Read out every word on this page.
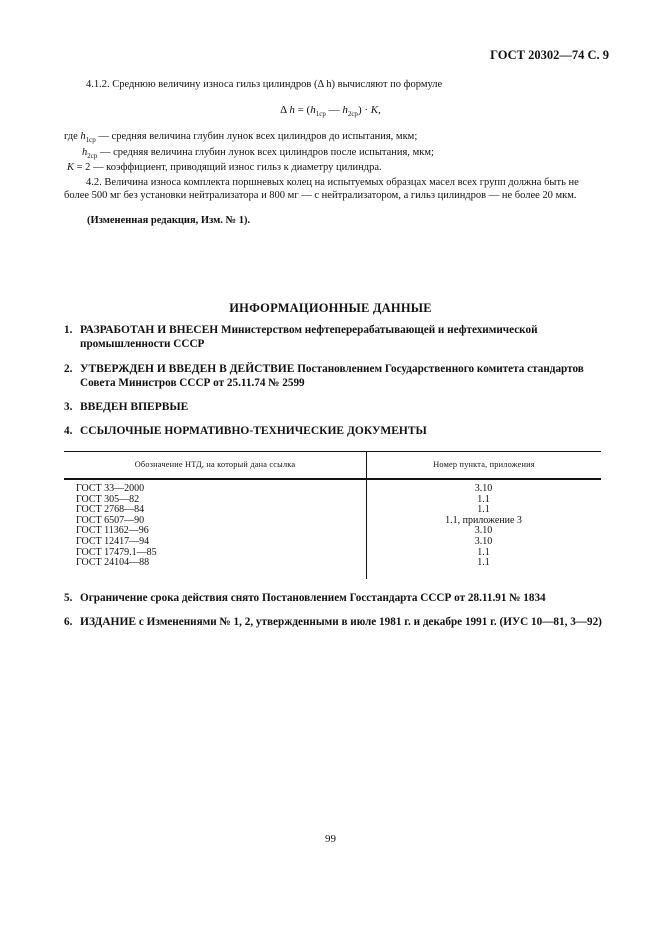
ГОСТ 20302—74 С. 9
4.1.2. Среднюю величину износа гильз цилиндров (Δ h) вычисляют по формуле
Δ $h = (h_{1ср}$ — $h_{2ср}) \cdot K$,
где $h_{1ср}$ — средняя величина глубин лунок всех цилиндров до испытания, мкм;
$h_{2ср}$ — средняя величина глубин лунок всех цилиндров после испытания, мкм;
K = 2 — коэффициент, приводящий износ гильз к диаметру цилиндра.
4.2. Величина износа комплекта поршневых колец на испытуемых образцах масел всех групп должна быть не более 500 мг без установки нейтрализатора и 800 мг — с нейтрализатором, а гильз цилиндров — не более 20 мкм.
(Измененная редакция, Изм. № 1).
ИНФОРМАЦИОННЫЕ ДАННЫЕ
1. РАЗРАБОТАН И ВНЕСЕН Министерством нефтеперерабатывающей и нефтехимической промышленности СССР
2. УТВЕРЖДЕН И ВВЕДЕН В ДЕЙСТВИЕ Постановлением Государственного комитета стандартов Совета Министров СССР от 25.11.74 № 2599
3. ВВЕДЕН ВПЕРВЫЕ
4. ССЫЛОЧНЫЕ НОРМАТИВНО-ТЕХНИЧЕСКИЕ ДОКУМЕНТЫ
Обозначение НТД, на который дана ссылка	Номер пункта, приложения
ГОСТ 33—2000	3.10
ГОСТ 305—82	1.1
ГОСТ 2768—84	1.1
ГОСТ 6507—90	1.1, приложение 3
ГОСТ 11362—96	3.10
ГОСТ 12417—94	3.10
ГОСТ 17479.1—85	1.1
ГОСТ 24104—88	1.1
5. Ограничение срока действия снято Постановлением Госстандарта СССР от 28.11.91 № 1834
6. ИЗДАНИЕ с Изменениями № 1, 2, утвержденными в июле 1981 г. и декабре 1991 г. (ИУС 10—81, 3—92)
99
